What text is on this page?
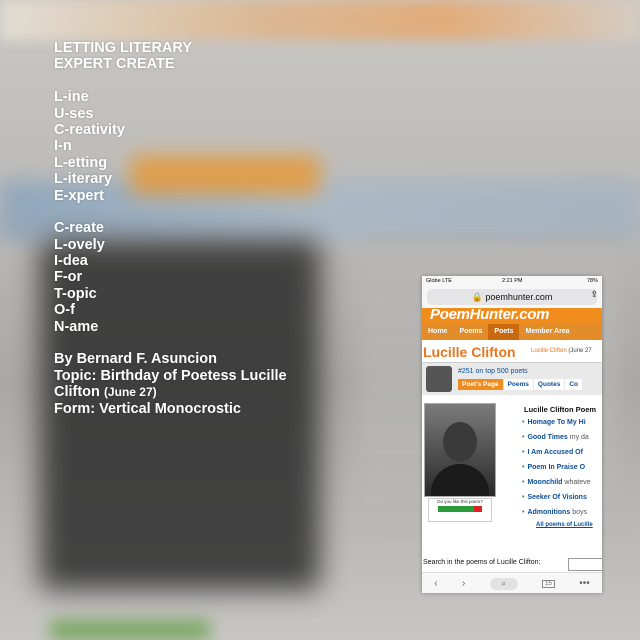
LETTING LITERARY
EXPERT CREATE
L-ine
U-ses
C-reativity
I-n
L-etting
L-iterary
E-xpert
C-reate
L-ovely
I-dea
F-or
T-opic
O-f
N-ame
By Bernard F. Asuncion
Topic: Birthday of Poetess Lucille
Clifton (June 27)
Form: Vertical Monocrostic
Globe LTE	2:21 PM	78%
🔒 poemhunter.com	⇪
PoemHunter.com
Home	Poems	Poets	Member Area
Lucille Clifton	Lucille Clifton (June 27
#251 on top 500 poets
Poet's Page	Poems	Quotes	Co
Do you like this poem?
Lucille Clifton Poem
• Homage To My Hi
• Good Times my da
• I Am Accused Of
• Poem In Praise O
• Moonchild whateve
• Seeker Of Visions
• Admonitions boys
All poems of Lucille
Search in the poems of Lucille Clifton:
‹ ›	⌕	15	•••
